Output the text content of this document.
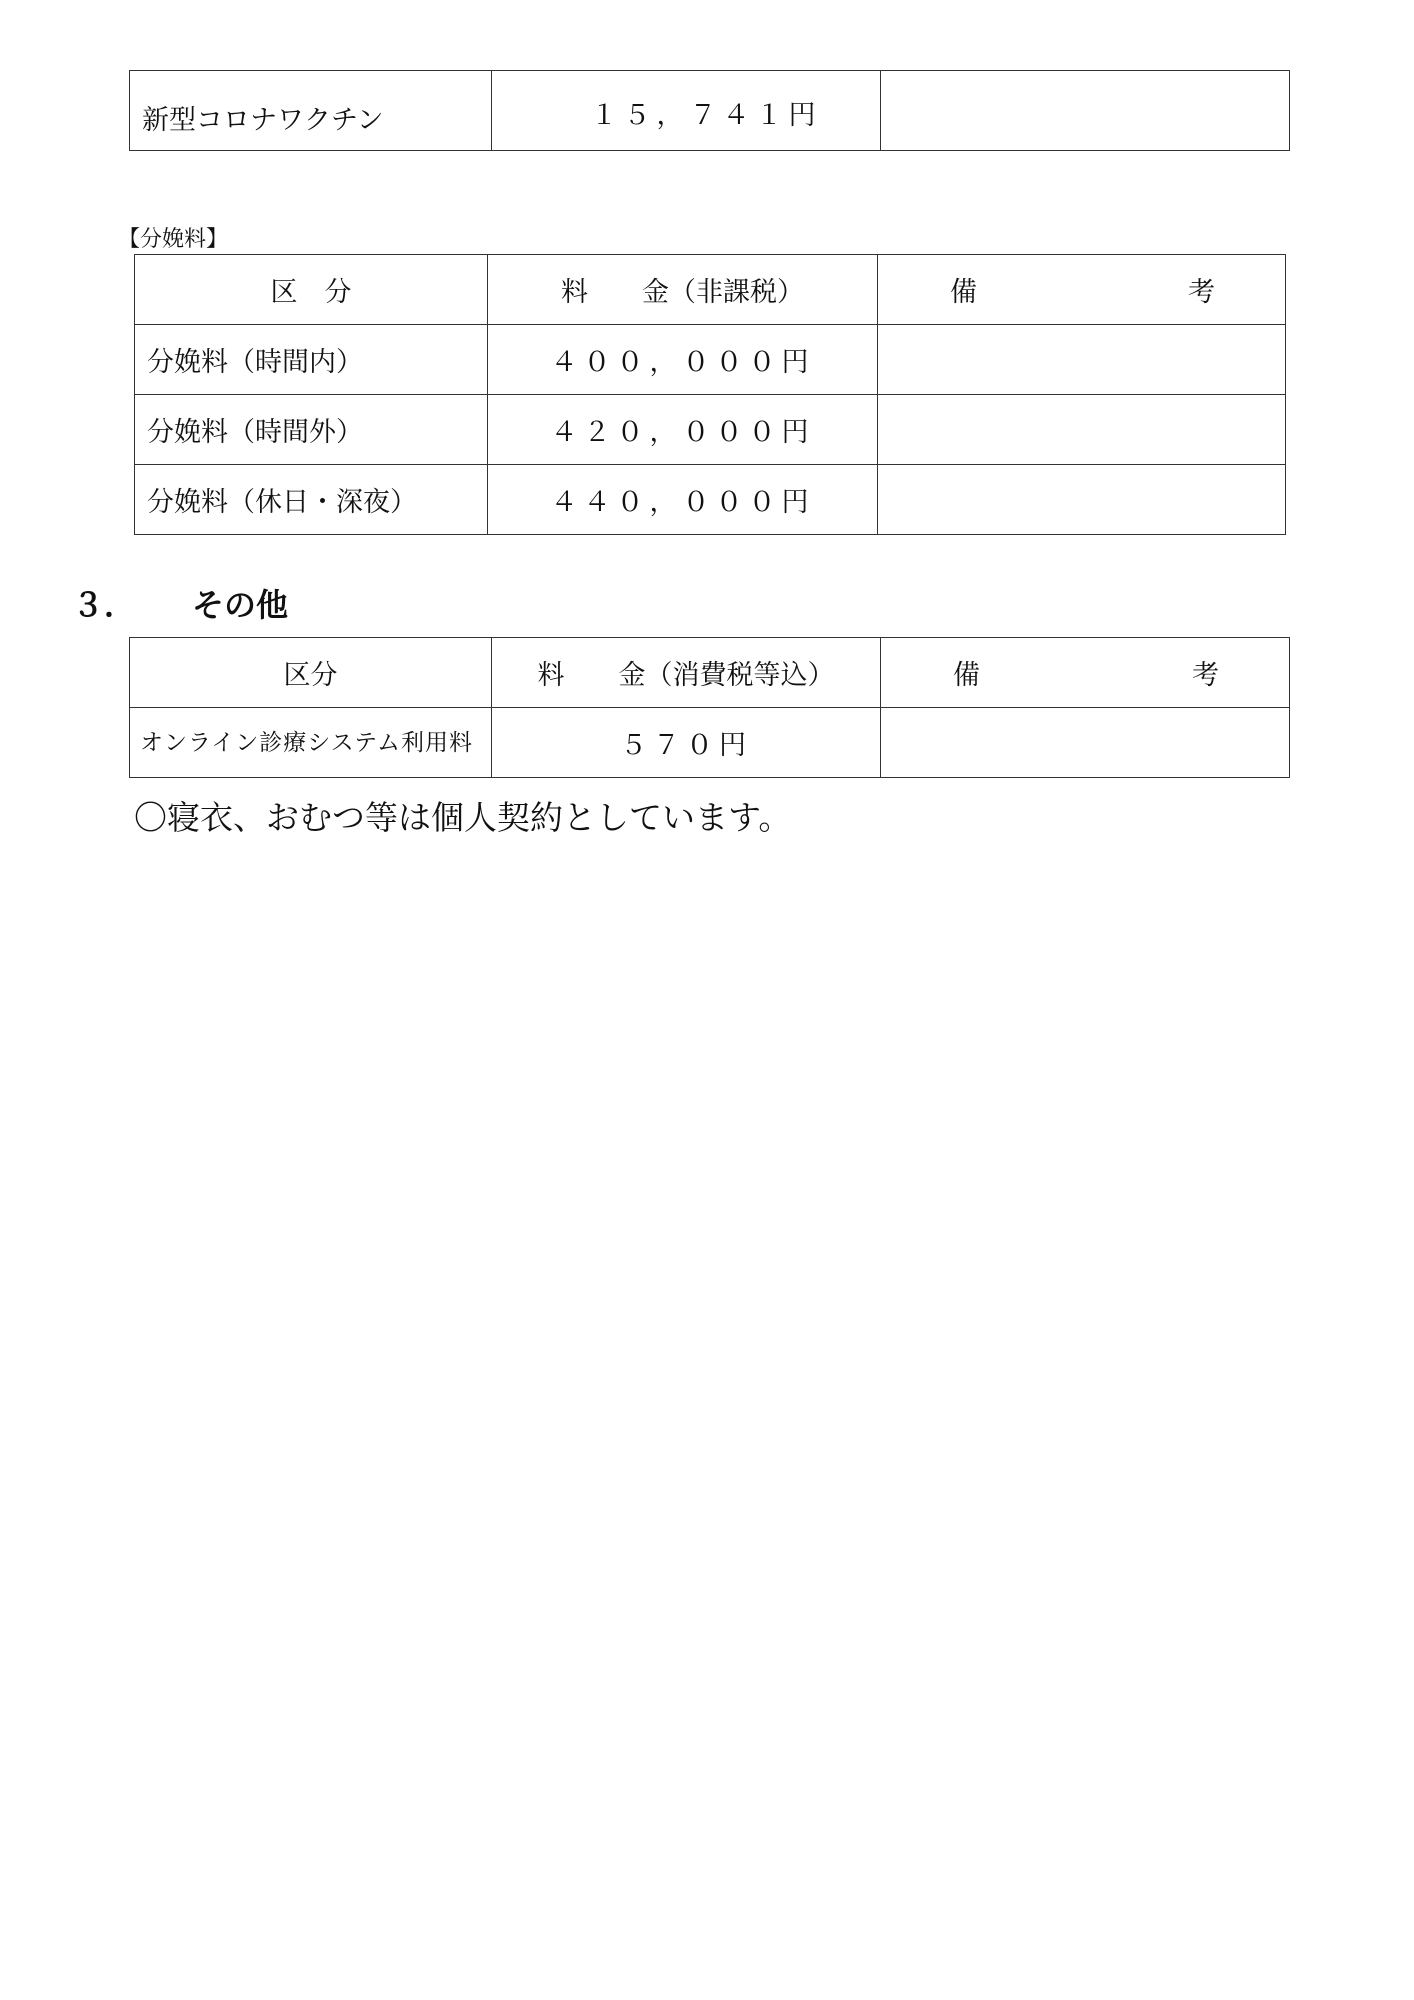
新型コロナワクチン	１５，７４１円	
【分娩料】
区　分	料　　金（非課税）	備 考

分娩料（時間内）	４００，０００円	
分娩料（時間外）	４２０，０００円	
分娩料（休日・深夜）	４４０，０００円	
３． その他
区分	料　　金（消費税等込）	備 考

オンライン診療システム利用料	５７０円	
〇寝衣、おむつ等は個人契約としています。
